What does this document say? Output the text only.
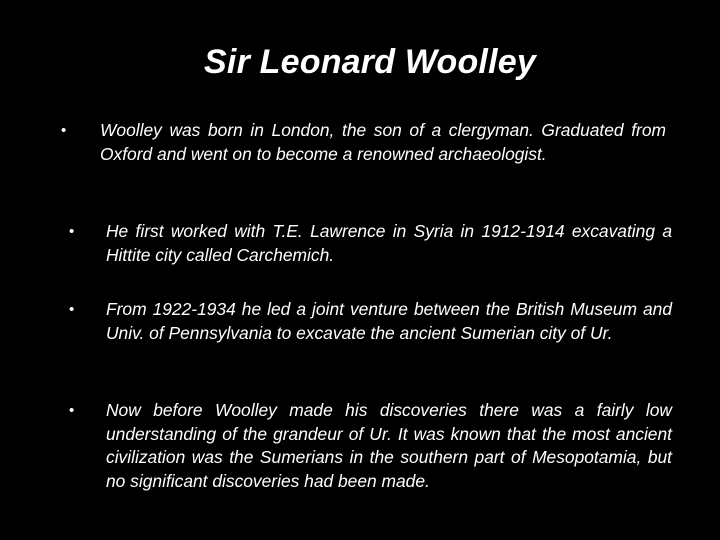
Sir Leonard Woolley
• Woolley was born in London, the son of a clergyman. Graduated from Oxford and went on to become a renowned archaeologist.
• He first worked with T.E. Lawrence in Syria in 1912-1914 excavating a Hittite city called Carchemich.
• From 1922-1934 he led a joint venture between the British Museum and Univ. of Pennsylvania to excavate the ancient Sumerian city of Ur.
• Now before Woolley made his discoveries there was a fairly low understanding of the grandeur of Ur. It was known that the most ancient civilization was the Sumerians in the southern part of Mesopotamia, but no significant discoveries had been made.
